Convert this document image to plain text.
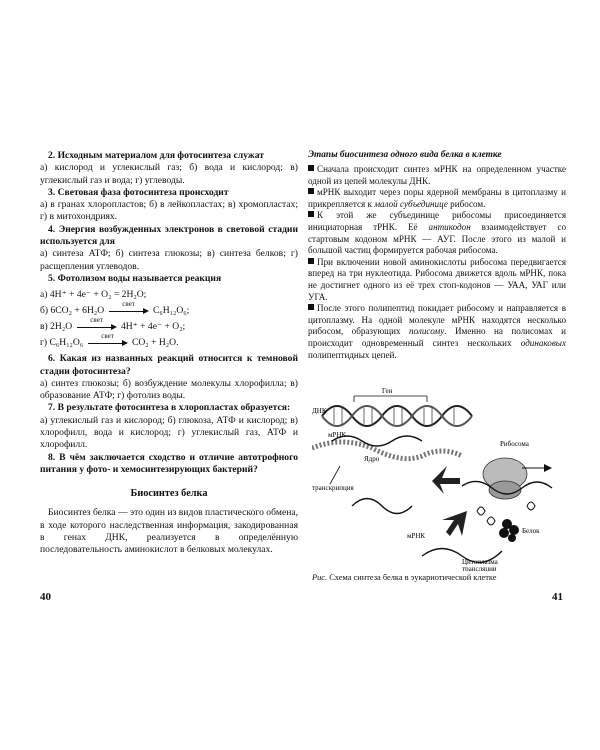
2. Исходным материалом для фотосинтеза служат

а) кислород и углекислый газ; б) вода и кислород; в) углекислый газ и вода; г) углеводы.

3. Световая фаза фотосинтеза происходит

а) в гранах хлоропластов; б) в лейкопластах; в) хромопластах; г) в митохондриях.

4. Энергия возбужденных электронов в световой стадии используется для

а) синтеза АТФ; б) синтеза глюкозы; в) синтеза белков; г) расщепления углеводов.

5. Фотолизом воды называется реакция

а) 4H⁺ + 4e⁻ + O₂ = 2H₂O;
б) 6CO₂ + 6H₂O
свет
C₆H₁₂O₆;
в) 2H₂O
свет
4H⁺ + 4e⁻ + O₂;
г) C₆H₁₂O₆
свет
CO₂ + H₂O.

6. Какая из названных реакций относится к темновой стадии фотосинтеза?

а) синтез глюкозы; б) возбуждение молекулы хлорофилла; в) образование АТФ; г) фотолиз воды.

7. В результате фотосинтеза в хлоропластах образуется:

а) углекислый газ и кислород; б) глюкоза, АТФ и кислород; в) хлорофилл, вода и кислород; г) углекислый газ, АТФ и хлорофилл.

8. В чём заключается сходство и отличие автотрофного питания у фото- и хемосинтезирующих бактерий?

Биосинтез белка

Биосинтез белка — это один из видов пластического обмена, в ходе которого наследственная информация, закодированная в генах ДНК, реализуется в определённую последовательность аминокислот в белковых молекулах.

40
Этапы биосинтеза одного вида белка в клетке

Сначала происходит синтез мРНК на определенном участке одной из цепей молекулы ДНК.

мРНК выходит через поры ядерной мембраны в цитоплазму и прикрепляется к малой субъединице рибосом.

К этой же субъединице рибосомы присоединяется инициаторная тРНК. Её антикодон взаимодействует со стартовым кодоном мРНК — АУГ. После этого из малой и большой частиц формируется рабочая рибосома.

При включении новой аминокислоты рибосома передвигается вперед на три нуклеотида. Рибосома движется вдоль мРНК, пока не достигнет одного из её трех стоп-кодонов — УАА, УАГ или УГА.

После этого полипептид покидает рибосому и направляется в цитоплазму. На одной молекуле мРНК находятся несколько рибосом, образующих полисому. Именно на полисомах и происходит одновременный синтез нескольких одинаковых полипептидных цепей.

Ген
ДНК
Ядро
мРНК
транскрипция
Рибосома
Белок
мРНК
Цитоплазма
трансляции
Рис. Схема синтеза белка в эукариотической клетке
41
